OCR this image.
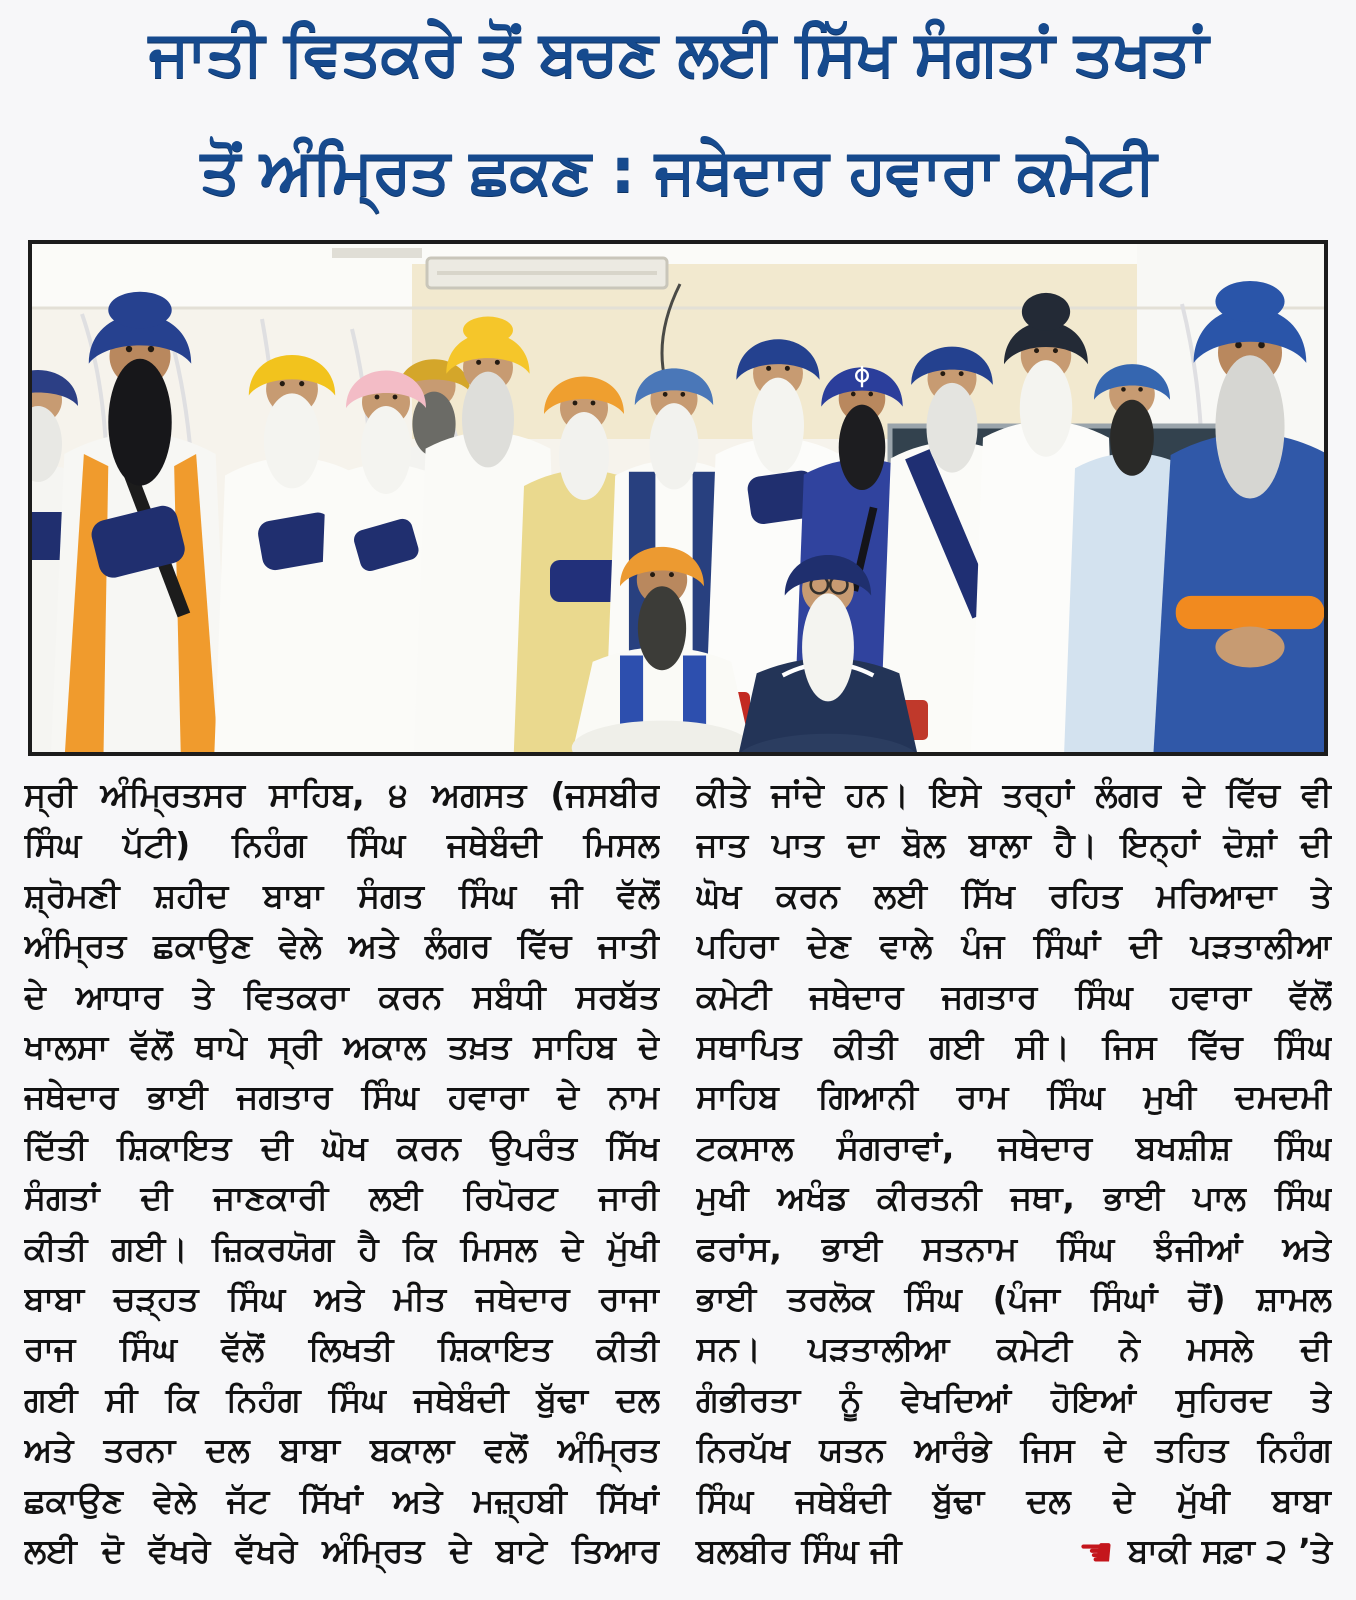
ਜਾਤੀ ਵਿਤਕਰੇ ਤੋਂ ਬਚਣ ਲਈ ਸਿੱਖ ਸੰਗਤਾਂ ਤਖਤਾਂ
ਤੋਂ ਅੰਮ੍ਰਿਤ ਛਕਣ : ਜਥੇਦਾਰ ਹਵਾਰਾ ਕਮੇਟੀ
ਸ੍ਰੀ ਅੰਮ੍ਰਿਤਸਰ ਸਾਹਿਬ, ੪ ਅਗਸਤ (ਜਸਬੀਰ
ਸਿੰਘ ਪੱਟੀ) ਨਿਹੰਗ ਸਿੰਘ ਜਥੇਬੰਦੀ ਮਿਸਲ
ਸ਼੍ਰੋਮਣੀ ਸ਼ਹੀਦ ਬਾਬਾ ਸੰਗਤ ਸਿੰਘ ਜੀ ਵੱਲੋਂ
ਅੰਮ੍ਰਿਤ ਛਕਾਉਣ ਵੇਲੇ ਅਤੇ ਲੰਗਰ ਵਿੱਚ ਜਾਤੀ
ਦੇ ਆਧਾਰ ਤੇ ਵਿਤਕਰਾ ਕਰਨ ਸਬੰਧੀ ਸਰਬੱਤ
ਖਾਲਸਾ ਵੱਲੋਂ ਥਾਪੇ ਸ੍ਰੀ ਅਕਾਲ ਤਖ਼ਤ ਸਾਹਿਬ ਦੇ
ਜਥੇਦਾਰ ਭਾਈ ਜਗਤਾਰ ਸਿੰਘ ਹਵਾਰਾ ਦੇ ਨਾਮ
ਦਿੱਤੀ ਸ਼ਿਕਾਇਤ ਦੀ ਘੋਖ ਕਰਨ ਉਪਰੰਤ ਸਿੱਖ
ਸੰਗਤਾਂ ਦੀ ਜਾਣਕਾਰੀ ਲਈ ਰਿਪੋਰਟ ਜਾਰੀ
ਕੀਤੀ ਗਈ। ਜ਼ਿਕਰਯੋਗ ਹੈ ਕਿ ਮਿਸਲ ਦੇ ਮੁੱਖੀ
ਬਾਬਾ ਚੜ੍ਹਤ ਸਿੰਘ ਅਤੇ ਮੀਤ ਜਥੇਦਾਰ ਰਾਜਾ
ਰਾਜ ਸਿੰਘ ਵੱਲੋਂ ਲਿਖਤੀ ਸ਼ਿਕਾਇਤ ਕੀਤੀ
ਗਈ ਸੀ ਕਿ ਨਿਹੰਗ ਸਿੰਘ ਜਥੇਬੰਦੀ ਬੁੱਢਾ ਦਲ
ਅਤੇ ਤਰਨਾ ਦਲ ਬਾਬਾ ਬਕਾਲਾ ਵਲੋਂ ਅੰਮ੍ਰਿਤ
ਛਕਾਉਣ ਵੇਲੇ ਜੱਟ ਸਿੱਖਾਂ ਅਤੇ ਮਜ਼੍ਹਬੀ ਸਿੱਖਾਂ
ਲਈ ਦੋ ਵੱਖਰੇ ਵੱਖਰੇ ਅੰਮ੍ਰਿਤ ਦੇ ਬਾਟੇ ਤਿਆਰ
ਕੀਤੇ ਜਾਂਦੇ ਹਨ। ਇਸੇ ਤਰ੍ਹਾਂ ਲੰਗਰ ਦੇ ਵਿੱਚ ਵੀ
ਜਾਤ ਪਾਤ ਦਾ ਬੋਲ ਬਾਲਾ ਹੈ। ਇਨ੍ਹਾਂ ਦੋਸ਼ਾਂ ਦੀ
ਘੋਖ ਕਰਨ ਲਈ ਸਿੱਖ ਰਹਿਤ ਮਰਿਆਦਾ ਤੇ
ਪਹਿਰਾ ਦੇਣ ਵਾਲੇ ਪੰਜ ਸਿੰਘਾਂ ਦੀ ਪੜਤਾਲੀਆ
ਕਮੇਟੀ ਜਥੇਦਾਰ ਜਗਤਾਰ ਸਿੰਘ ਹਵਾਰਾ ਵੱਲੋਂ
ਸਥਾਪਿਤ ਕੀਤੀ ਗਈ ਸੀ। ਜਿਸ ਵਿੱਚ ਸਿੰਘ
ਸਾਹਿਬ ਗਿਆਨੀ ਰਾਮ ਸਿੰਘ ਮੁਖੀ ਦਮਦਮੀ
ਟਕਸਾਲ ਸੰਗਰਾਵਾਂ, ਜਥੇਦਾਰ ਬਖਸ਼ੀਸ਼ ਸਿੰਘ
ਮੁਖੀ ਅਖੰਡ ਕੀਰਤਨੀ ਜਥਾ, ਭਾਈ ਪਾਲ ਸਿੰਘ
ਫਰਾਂਸ, ਭਾਈ ਸਤਨਾਮ ਸਿੰਘ ਝੰਜੀਆਂ ਅਤੇ
ਭਾਈ ਤਰਲੋਕ ਸਿੰਘ (ਪੰਜਾ ਸਿੰਘਾਂ ਚੋਂ) ਸ਼ਾਮਲ
ਸਨ। ਪੜਤਾਲੀਆ ਕਮੇਟੀ ਨੇ ਮਸਲੇ ਦੀ
ਗੰਭੀਰਤਾ ਨੂੰ ਵੇਖਦਿਆਂ ਹੋਇਆਂ ਸੁਹਿਰਦ ਤੇ
ਨਿਰਪੱਖ ਯਤਨ ਆਰੰਭੇ ਜਿਸ ਦੇ ਤਹਿਤ ਨਿਹੰਗ
ਸਿੰਘ ਜਥੇਬੰਦੀ ਬੁੱਢਾ ਦਲ ਦੇ ਮੁੱਖੀ ਬਾਬਾ
ਬਲਬੀਰ ਸਿੰਘ ਜੀ	☚ ਬਾਕੀ ਸਫ਼ਾ ੨ ’ਤੇ
